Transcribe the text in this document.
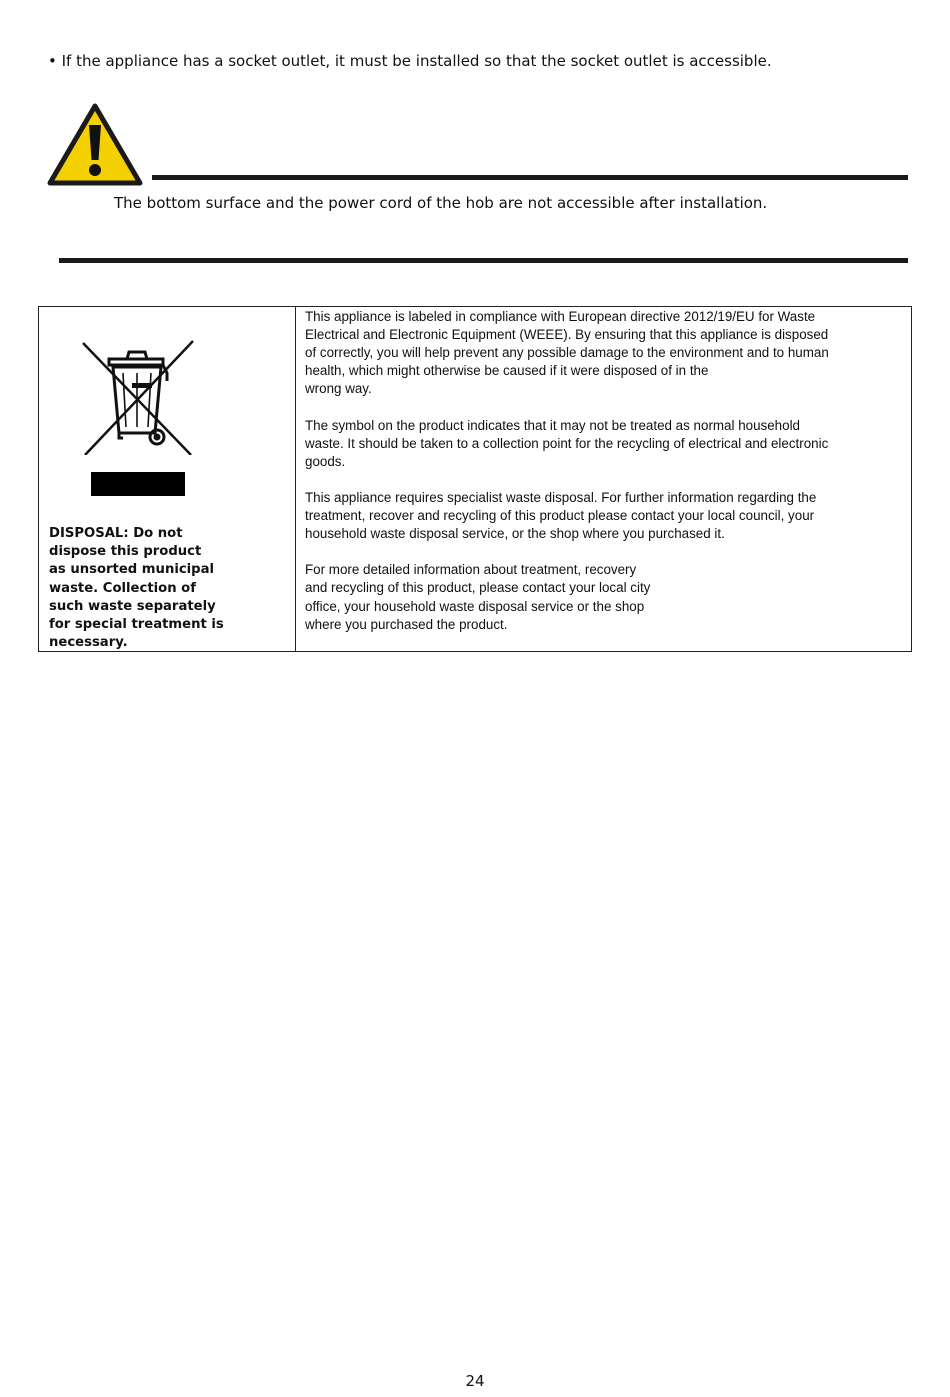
• If the appliance has a socket outlet, it must be installed so that the socket outlet is accessible.
The bottom surface and the power cord of the hob are not accessible after installation.
DISPOSAL: Do not
dispose this product
as unsorted municipal
waste. Collection of
such waste separately
for special treatment is
necessary.
This appliance is labeled in compliance with European directive 2012/19/EU for Waste
Electrical and Electronic Equipment (WEEE). By ensuring that this appliance is disposed
of correctly, you will help prevent any possible damage to the environment and to human
health, which might otherwise be caused if it were disposed of in the
wrong way.
The symbol on the product indicates that it may not be treated as normal household
waste. It should be taken to a collection point for the recycling of electrical and electronic
goods.
This appliance requires specialist waste disposal. For further information regarding the
treatment, recover and recycling of this product please contact your local council, your
household waste disposal service, or the shop where you purchased it.
For more detailed information about treatment, recovery
and recycling of this product, please contact your local city
office, your household waste disposal service or the shop
where you purchased the product.
24
